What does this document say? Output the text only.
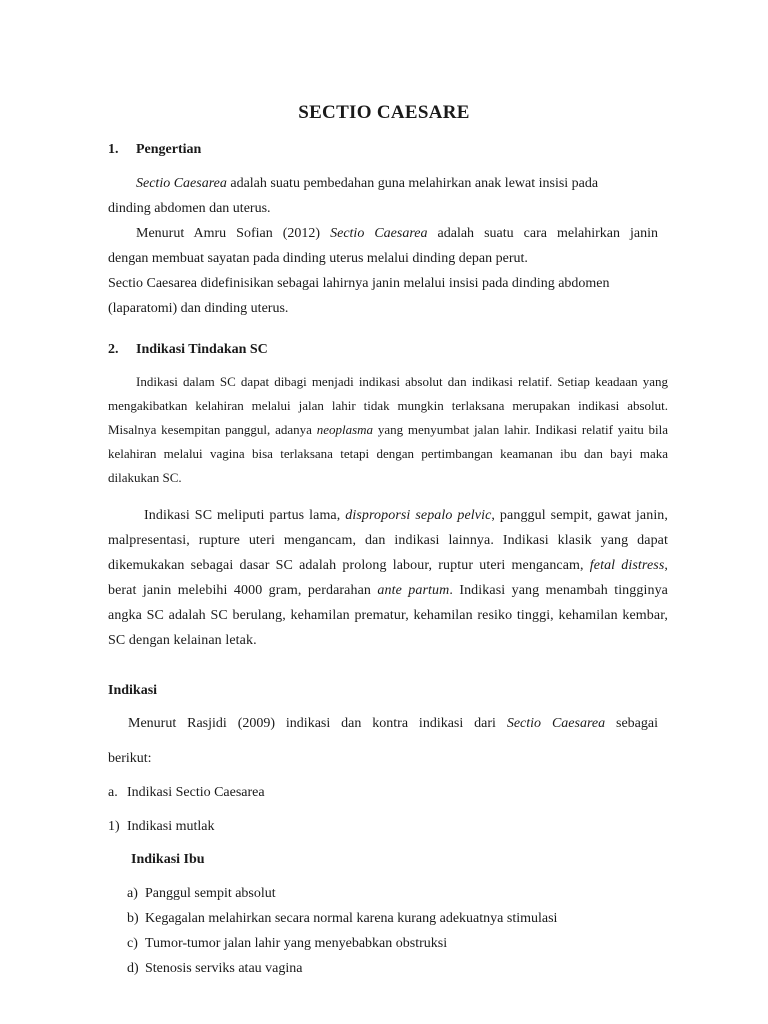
SECTIO CAESARE
1. Pengertian
Sectio Caesarea adalah suatu pembedahan guna melahirkan anak lewat insisi pada
dinding abdomen dan uterus.
Menurut Amru Sofian (2012) Sectio Caesarea adalah suatu cara melahirkan janin
dengan membuat sayatan pada dinding uterus melalui dinding depan perut.
Sectio Caesarea didefinisikan sebagai lahirnya janin melalui insisi pada dinding abdomen
(laparatomi) dan dinding uterus.
2. Indikasi Tindakan SC
Indikasi dalam SC dapat dibagi menjadi indikasi absolut dan indikasi relatif. Setiap keadaan yang mengakibatkan kelahiran melalui jalan lahir tidak mungkin terlaksana merupakan indikasi absolut. Misalnya kesempitan panggul, adanya neoplasma yang menyumbat jalan lahir. Indikasi relatif yaitu bila kelahiran melalui vagina bisa terlaksana tetapi dengan pertimbangan keamanan ibu dan bayi maka dilakukan SC.
Indikasi SC meliputi partus lama, disproporsi sepalo pelvic, panggul sempit, gawat janin, malpresentasi, rupture uteri mengancam, dan indikasi lainnya. Indikasi klasik yang dapat dikemukakan sebagai dasar SC adalah prolong labour, ruptur uteri mengancam, fetal distress, berat janin melebihi 4000 gram, perdarahan ante partum. Indikasi yang menambah tingginya angka SC adalah SC berulang, kehamilan prematur, kehamilan resiko tinggi, kehamilan kembar, SC dengan kelainan letak.
Indikasi
Menurut Rasjidi (2009) indikasi dan kontra indikasi dari Sectio Caesarea sebagai
berikut:
a. Indikasi Sectio Caesarea
1) Indikasi mutlak
Indikasi Ibu
a) Panggul sempit absolut
b) Kegagalan melahirkan secara normal karena kurang adekuatnya stimulasi
c) Tumor-tumor jalan lahir yang menyebabkan obstruksi
d) Stenosis serviks atau vagina
